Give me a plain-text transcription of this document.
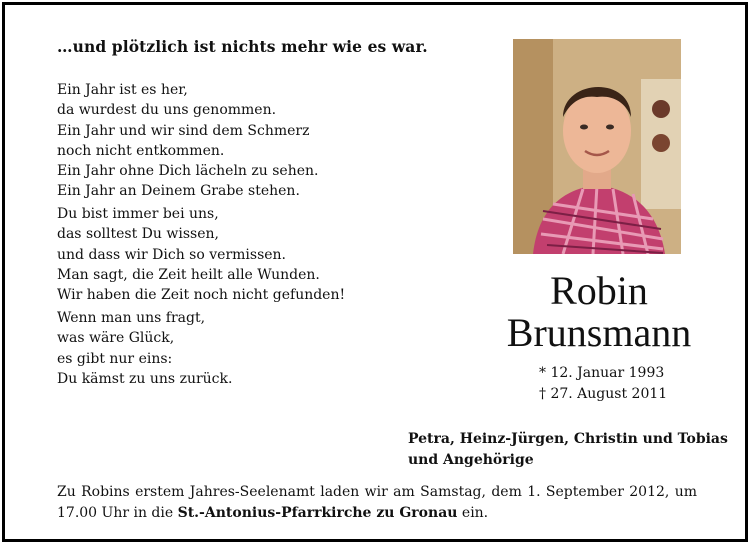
…und plötzlich ist nichts mehr wie es war.
Ein Jahr ist es her,
da wurdest du uns genommen.
Ein Jahr und wir sind dem Schmerz
noch nicht entkommen.
Ein Jahr ohne Dich lächeln zu sehen.
Ein Jahr an Deinem Grabe stehen.
Du bist immer bei uns,
das solltest Du wissen,
und dass wir Dich so vermissen.
Man sagt, die Zeit heilt alle Wunden.
Wir haben die Zeit noch nicht gefunden!
Wenn man uns fragt,
was wäre Glück,
es gibt nur eins:
Du kämst zu uns zurück.
Robin
Brunsmann
* 12. Januar 1993
† 27. August 2011
Petra, Heinz-Jürgen, Christin und Tobias
und Angehörige
Zu Robins erstem Jahres-Seelenamt laden wir am Samstag, dem 1. September 2012, um 17.00 Uhr in die St.-Antonius-Pfarrkirche zu Gronau ein.
